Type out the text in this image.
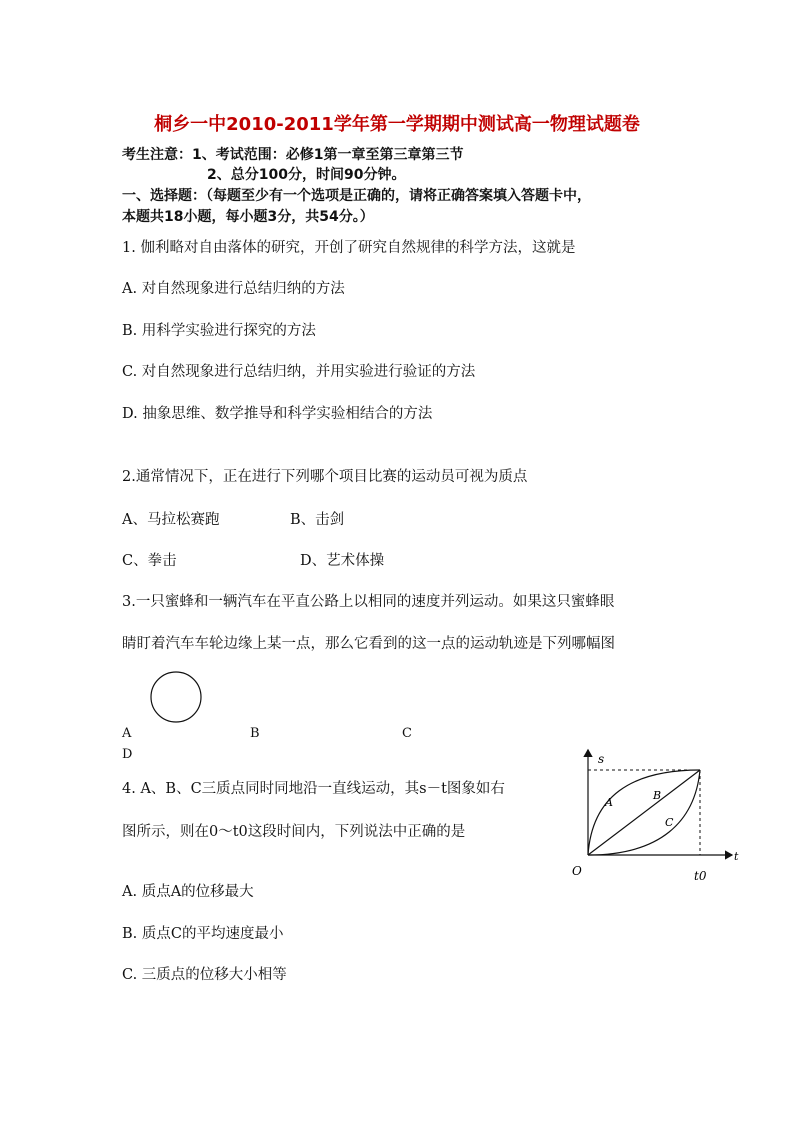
桐乡一中2010-2011学年第一学期期中测试高一物理试题卷
考生注意：1、考试范围：必修1第一章至第三章第三节
2、总分100分，时间90分钟。
一、选择题：（每题至少有一个选项是正确的，请将正确答案填入答题卡中，
本题共18小题，每小题3分，共54分。）
1. 伽利略对自由落体的研究，开创了研究自然规律的科学方法，这就是
A. 对自然现象进行总结归纳的方法
B. 用科学实验进行探究的方法
C. 对自然现象进行总结归纳，并用实验进行验证的方法
D. 抽象思维、数学推导和科学实验相结合的方法
2.通常情况下，正在进行下列哪个项目比赛的运动员可视为质点
A、马拉松赛跑	B、击剑
C、拳击	D、艺术体操
3.一只蜜蜂和一辆汽车在平直公路上以相同的速度并列运动。如果这只蜜蜂眼
睛盯着汽车车轮边缘上某一点，那么它看到的这一点的运动轨迹是下列哪幅图
A	B	C
D
4. A、B、C三质点同时同地沿一直线运动，其s－t图象如右
图所示，则在0～t0这段时间内，下列说法中正确的是
A. 质点A的位移最大
B. 质点C的平均速度最小
C. 三质点的位移大小相等
s
t
O	t0
A
B
C
